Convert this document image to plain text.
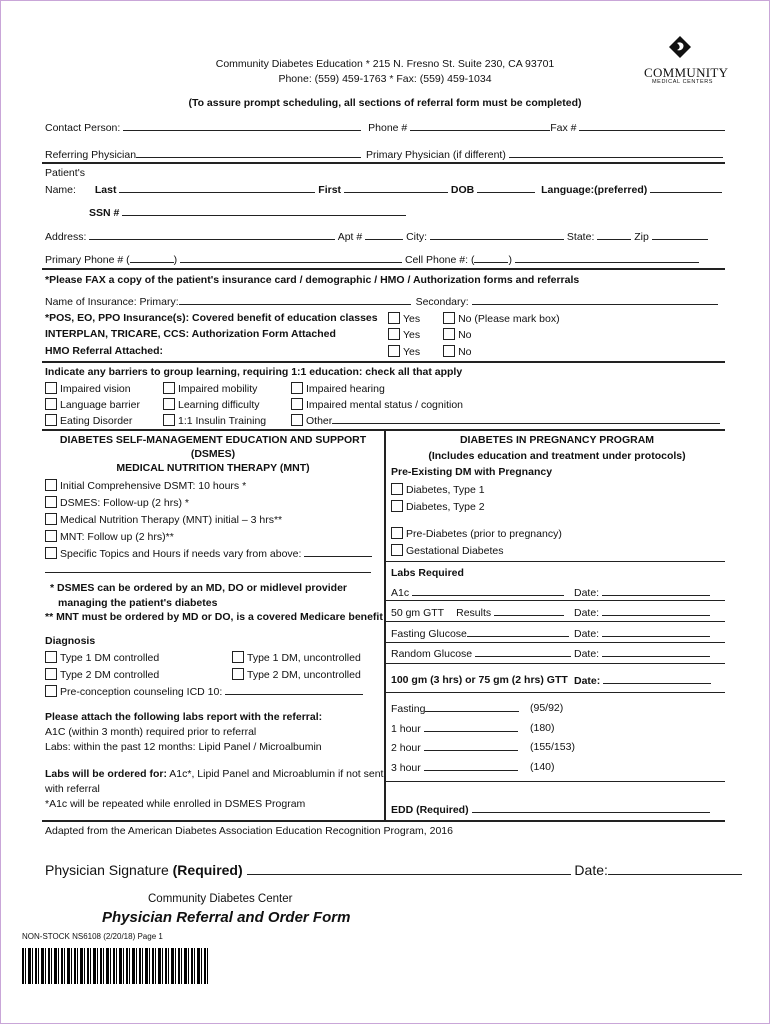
COMMUNITY
MEDICAL CENTERS
Community Diabetes Education * 215 N. Fresno St. Suite 230, CA 93701
Phone: (559) 459-1763 * Fax: (559) 459-1034
(To assure prompt scheduling, all sections of referral form must be completed)
Contact Person:	Phone #	Fax #
Referring Physician	Primary Physician (if different)
Patient's
Name: Last	First	DOB	Language:(preferred)
SSN #
Address:	Apt #	City:	State:	Zip
Primary Phone # (	)	Cell Phone #: (	)
*Please FAX a copy of the patient's insurance card / demographic / HMO / Authorization forms and referrals
Name of Insurance: Primary:	Secondary:
*POS, EO, PPO Insurance(s): Covered benefit of education classes
INTERPLAN, TRICARE, CCS: Authorization Form Attached
HMO Referral Attached:
Yes	No (Please mark box)
Yes	No
Yes	No
Indicate any barriers to group learning, requiring 1:1 education: check all that apply
Impaired vision	Impaired mobility	Impaired hearing
Language barrier	Learning difficulty	Impaired mental status / cognition
Eating Disorder	1:1 Insulin Training	Other
DIABETES SELF-MANAGEMENT EDUCATION AND SUPPORT
(DSMES)
MEDICAL NUTRITION THERAPY (MNT)
Initial Comprehensive DSMT: 10 hours *
DSMES: Follow-up (2 hrs) *
Medical Nutrition Therapy (MNT) initial – 3 hrs**
MNT: Follow up (2 hrs)**
Specific Topics and Hours if needs vary from above:
* DSMES can be ordered by an MD, DO or midlevel provider
managing the patient's diabetes
** MNT must be ordered by MD or DO, is a covered Medicare benefit
Diagnosis
Type 1 DM controlled	Type 1 DM, uncontrolled
Type 2 DM controlled	Type 2 DM, uncontrolled
Pre-conception counseling ICD 10:
Please attach the following labs report with the referral:
A1C (within 3 month) required prior to referral
Labs: within the past 12 months: Lipid Panel / Microalbumin
Labs will be ordered for: A1c*, Lipid Panel and Microablumin if not sent
with referral
*A1c will be repeated while enrolled in DSMES Program
DIABETES IN PREGNANCY PROGRAM
(Includes education and treatment under protocols)
Pre-Existing DM with Pregnancy
Diabetes, Type 1
Diabetes, Type 2
Pre-Diabetes (prior to pregnancy)
Gestational Diabetes
Labs Required
A1c	Date:
50 gm GTT Results	Date:
Fasting Glucose	Date:
Random Glucose	Date:
100 gm (3 hrs) or 75 gm (2 hrs) GTT Date:
Fasting	(95/92)
1 hour	(180)
2 hour	(155/153)
3 hour	(140)
EDD (Required)
Adapted from the American Diabetes Association Education Recognition Program, 2016
Physician Signature (Required)	Date:
Community Diabetes Center
Physician Referral and Order Form
NON-STOCK NS6108 (2/20/18) Page 1
